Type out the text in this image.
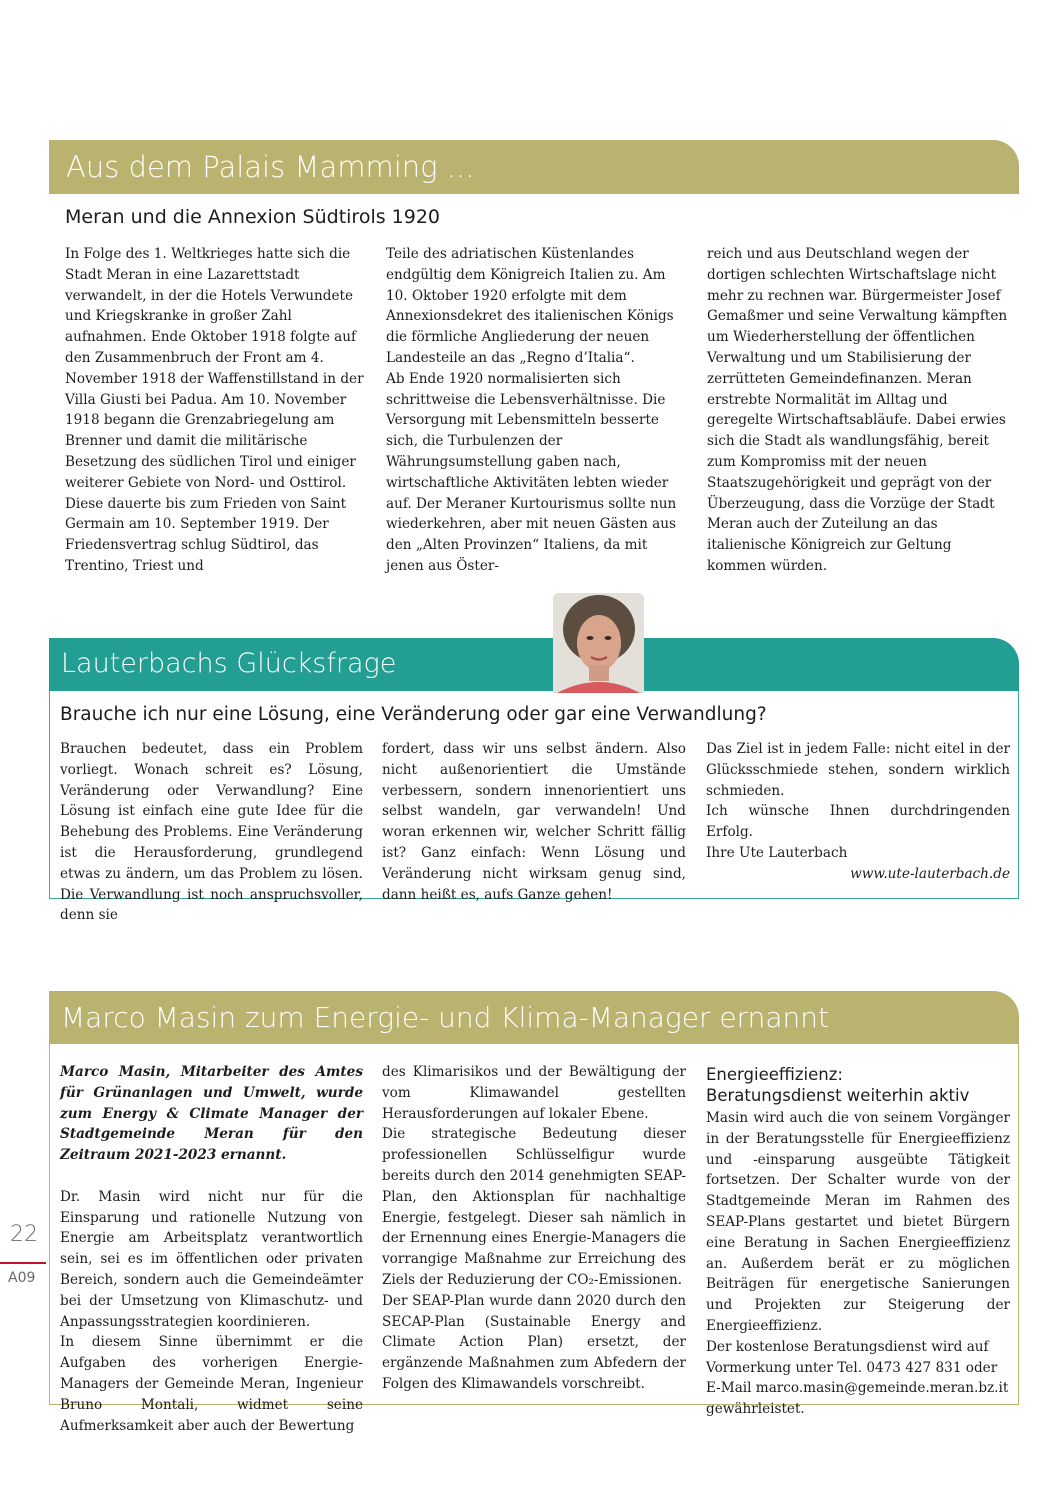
Aus dem Palais Mamming ...
Meran und die Annexion Südtirols 1920

In Folge des 1. Weltkrieges hatte sich die Stadt Meran in eine Lazarettstadt verwandelt, in der die Hotels Verwundete und Kriegskranke in großer Zahl aufnahmen. Ende Oktober 1918 folgte auf den Zusammenbruch der Front am 4. November 1918 der Waffenstillstand in der Villa Giusti bei Padua. Am 10. November 1918 begann die Grenzabriegelung am Brenner und damit die militärische Besetzung des südlichen Tirol und einiger weiterer Gebiete von Nord- und Osttirol.

Diese dauerte bis zum Frieden von Saint Germain am 10. September 1919. Der Friedensvertrag schlug Südtirol, das Trentino, Triest und

Teile des adriatischen Küstenlandes endgültig dem Königreich Italien zu. Am 10. Oktober 1920 erfolgte mit dem Annexionsdekret des italienischen Königs die förmliche Angliederung der neuen Landesteile an das „Regno d’Italia“.

Ab Ende 1920 normalisierten sich schrittweise die Lebensverhältnisse. Die Versorgung mit Lebensmitteln besserte sich, die Turbulenzen der Währungsumstellung gaben nach, wirtschaftliche Aktivitäten lebten wieder auf. Der Meraner Kurtourismus sollte nun wiederkehren, aber mit neuen Gästen aus den „Alten Provinzen“ Italiens, da mit jenen aus Öster-

reich und aus Deutschland wegen der dortigen schlechten Wirtschaftslage nicht mehr zu rechnen war. Bürgermeister Josef Gemaßmer und seine Verwaltung kämpften um Wiederherstellung der öffentlichen Verwaltung und um Stabilisierung der zerrütteten Gemeindefinanzen. Meran erstrebte Normalität im Alltag und geregelte Wirtschaftsabläufe. Dabei erwies sich die Stadt als wandlungsfähig, bereit zum Kompromiss mit der neuen Staatszugehörigkeit und geprägt von der Überzeugung, dass die Vorzüge der Stadt Meran auch der Zuteilung an das italienische Königreich zur Geltung kommen würden.

Lauterbachs Glücksfrage
Brauche ich nur eine Lösung, eine Veränderung oder gar eine Verwandlung?

Brauchen bedeutet, dass ein Problem vorliegt. Wonach schreit es? Lösung, Veränderung oder Verwandlung? Eine Lösung ist einfach eine gute Idee für die Behebung des Problems. Eine Veränderung ist die Herausforderung, grundlegend etwas zu ändern, um das Problem zu lösen. Die Verwandlung ist noch anspruchsvoller, denn sie

fordert, dass wir uns selbst ändern. Also nicht außenorientiert die Umstände verbessern, sondern innenorientiert uns selbst wandeln, gar verwandeln! Und woran erkennen wir, welcher Schritt fällig ist? Ganz einfach: Wenn Lösung und Veränderung nicht wirksam genug sind, dann heißt es, aufs Ganze gehen!

Das Ziel ist in jedem Falle: nicht eitel in der Glücksschmiede stehen, sondern wirklich schmieden.

Ich wünsche Ihnen durchdringenden Erfolg.

Ihre Ute Lauterbach

www.ute-lauterbach.de
Marco Masin zum Energie- und Klima-Manager ernannt

Marco Masin, Mitarbeiter des Amtes für Grünanlagen und Umwelt, wurde zum Energy & Climate Manager der Stadtgemeinde Meran für den Zeitraum 2021-2023 ernannt.

Dr. Masin wird nicht nur für die Einsparung und rationelle Nutzung von Energie am Arbeitsplatz verantwortlich sein, sei es im öffentlichen oder privaten Bereich, sondern auch die Gemeindeämter bei der Umsetzung von Klimaschutz- und Anpassungsstrategien koordinieren.

In diesem Sinne übernimmt er die Aufgaben des vorherigen Energie-Managers der Gemeinde Meran, Ingenieur Bruno Montali, widmet seine Aufmerksamkeit aber auch der Bewertung

des Klimarisikos und der Bewältigung der vom Klimawandel gestellten Herausforderungen auf lokaler Ebene.

Die strategische Bedeutung dieser professionellen Schlüsselfigur wurde bereits durch den 2014 genehmigten SEAP-Plan, den Aktionsplan für nachhaltige Energie, festgelegt. Dieser sah nämlich in der Ernennung eines Energie-Managers die vorrangige Maßnahme zur Erreichung des Ziels der Reduzierung der CO₂-Emissionen.

Der SEAP-Plan wurde dann 2020 durch den SECAP-Plan (Sustainable Energy and Climate Action Plan) ersetzt, der ergänzende Maßnahmen zum Abfedern der Folgen des Klimawandels vorschreibt.

Energieeffizienz:
Beratungsdienst weiterhin aktiv

Masin wird auch die von seinem Vorgänger in der Beratungsstelle für Energieeffizienz und -einsparung ausgeübte Tätigkeit fortsetzen. Der Schalter wurde von der Stadtgemeinde Meran im Rahmen des SEAP-Plans gestartet und bietet Bürgern eine Beratung in Sachen Energieeffizienz an. Außerdem berät er zu möglichen Beiträgen für energetische Sanierungen und Projekten zur Steigerung der Energieeffizienz.

Der kostenlose Beratungsdienst wird auf Vormerkung unter Tel. 0473 427 831 oder E-Mail marco.masin@gemeinde.meran.bz.it gewährleistet.

22
A09
